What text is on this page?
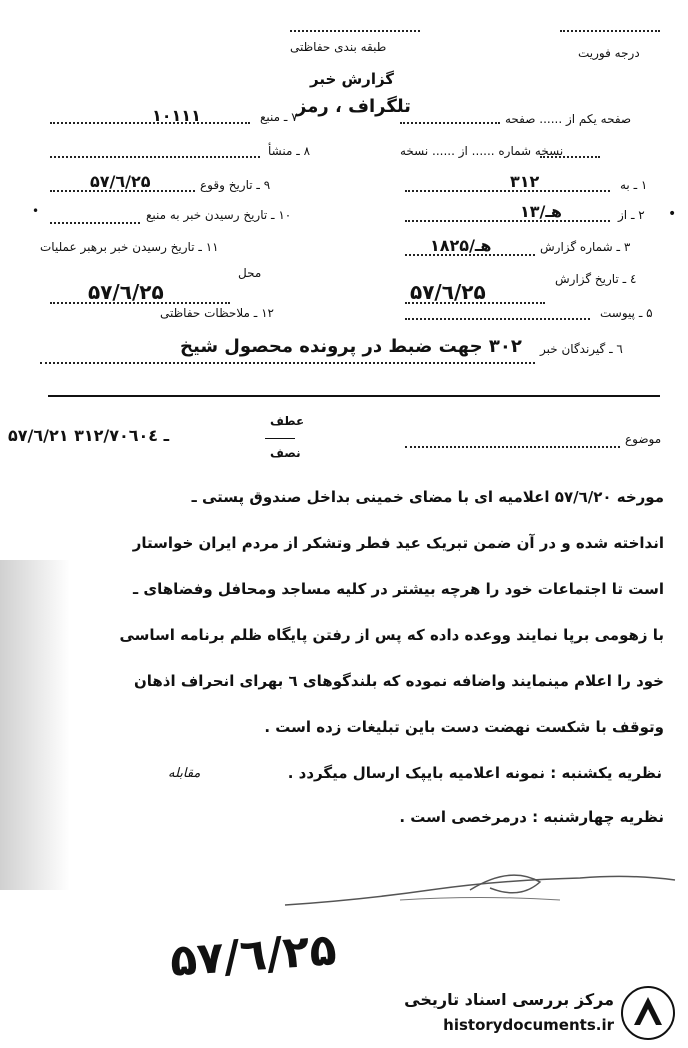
درجه فوریت
طبقه بندی حفاظتی
گزارش خبر
تلگراف ، رمز
صفحه یکم از ...... صفحه
نسخه شماره ...... از ...... نسخه
۱ ـ به
۳۱۲
۲ ـ از
۱۳/هـ	•
۳ ـ شماره گزارش
۱۸۲۵/هـ
٤ ـ تاریخ گزارش
۵۷/٦/۲۵
۵ ـ پیوست
٦ ـ گیرندگان خبر
۳۰۲ جهت ضبط در پرونده محصول شیخ
۷ ـ منبع
۱۰۱۱۱
۸ ـ منشأ
۹ ـ تاریخ وقوع
۵۷/٦/۲۵
۱۰ ـ تاریخ رسیدن خبر به منبع
•
۱۱ ـ تاریخ رسیدن خبر برهبر عملیات
محل
۵۷/٦/۲۵
۱۲ ـ ملاحظات حفاظتی
۵۷/٦/۲۱ ـ ۳۱۲/۷۰٦۰٤
عطف
نصف
موضوع
مورخه ۵۷/٦/۲۰ اعلامیه ای با مضای خمینی بداخل صندوق پستی ـ
انداخته شده و در آن ضمن تبریک عید فطر وتشکر از مردم ایران خواستار
است تا اجتماعات خود را هرچه بیشتر در کلیه مساجد ومحافل وفضاهای ـ
با زهومی برپا نمایند ووعده داده که پس از رفتن پایگاه ظلم برنامه اساسی
خود را اعلام مینمایند واضافه نموده که بلندگوهای ٦ بهرای انحراف اذهان
وتوقف با شکست نهضت دست باین تبلیغات زده است .
نظریه یکشنبه : نمونه اعلامیه بایپک ارسال میگردد .
مقابله
نظریه چهارشنبه : درمرخصی است .
۵۷/٦/۲۵
مرکز بررسی اسناد تاریخی
historydocuments.ir
